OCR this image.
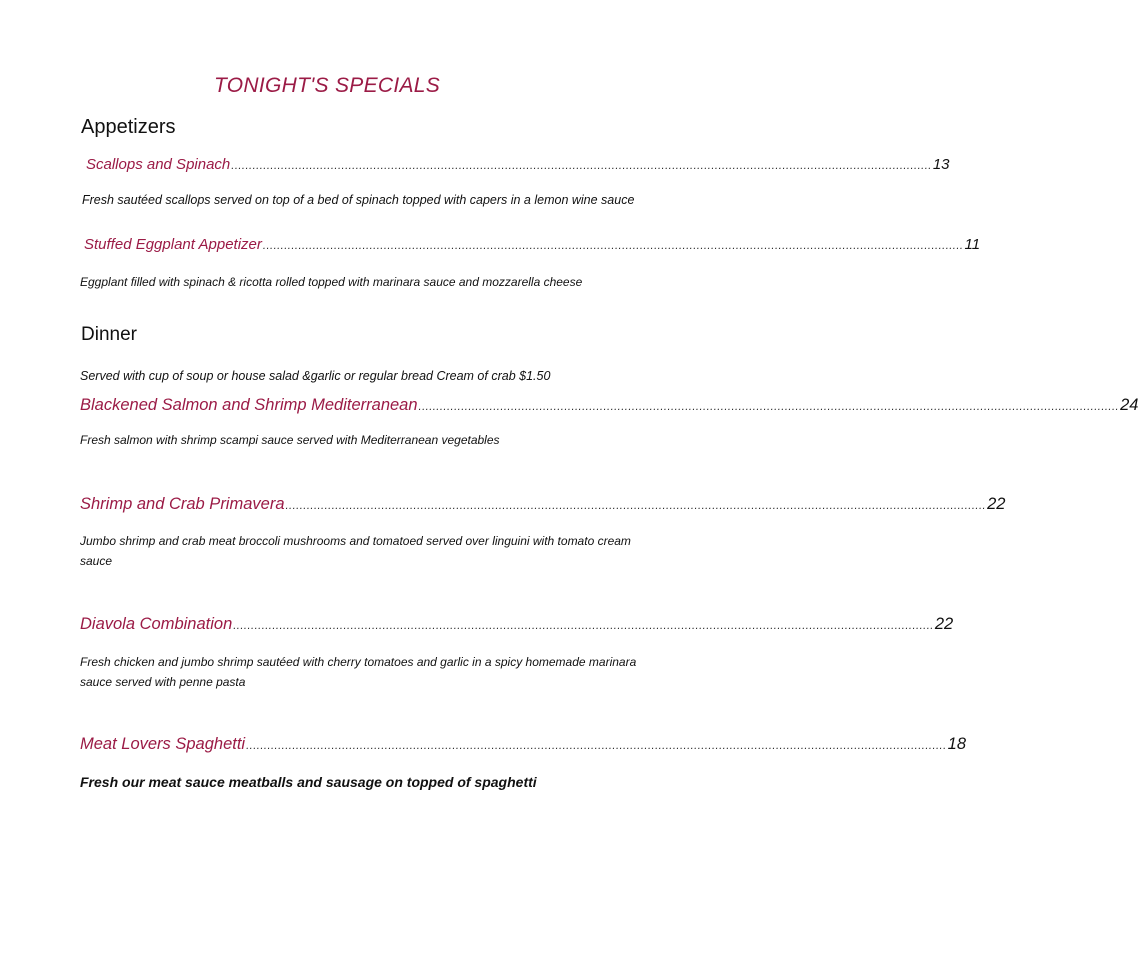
TONIGHT'S SPECIALS
Appetizers
Scallops and Spinach ..................................................................................................................................................................................................... 13
Fresh sautéed scallops served on top of a bed of spinach topped with capers in a lemon wine sauce
Stuffed Eggplant Appetizer ..................................................................................................................................................................................................... 11
Eggplant filled with spinach & ricotta rolled topped with marinara sauce and mozzarella cheese
Dinner
Served with cup of soup or house salad &garlic or regular bread Cream of crab $1.50
Blackened Salmon and Shrimp Mediterranean ..................................................................................................................................................................................................... 24
Fresh salmon with shrimp scampi sauce served with Mediterranean vegetables
Shrimp and Crab Primavera ..................................................................................................................................................................................................... 22
Jumbo shrimp and crab meat broccoli mushrooms and tomatoed served over linguini with tomato cream sauce
Diavola Combination ..................................................................................................................................................................................................... 22
Fresh chicken and jumbo shrimp sautéed with cherry tomatoes and garlic in a spicy homemade marinara sauce served with penne pasta
Meat Lovers Spaghetti ..................................................................................................................................................................................................... 18
Fresh our meat sauce meatballs and sausage on topped of spaghetti
